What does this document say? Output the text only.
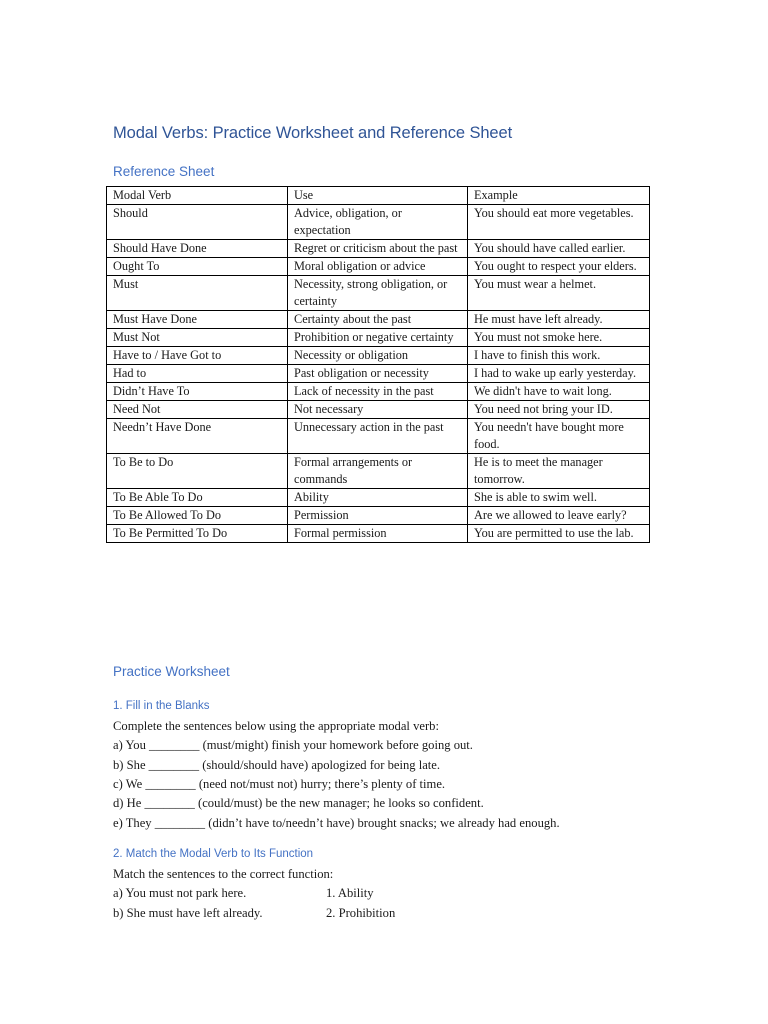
Modal Verbs: Practice Worksheet and Reference Sheet
Reference Sheet
Modal Verb	Use	Example
Should	Advice, obligation, or expectation	You should eat more vegetables.
Should Have Done	Regret or criticism about the past	You should have called earlier.
Ought To	Moral obligation or advice	You ought to respect your elders.
Must	Necessity, strong obligation, or certainty	You must wear a helmet.
Must Have Done	Certainty about the past	He must have left already.
Must Not	Prohibition or negative certainty	You must not smoke here.
Have to / Have Got to	Necessity or obligation	I have to finish this work.
Had to	Past obligation or necessity	I had to wake up early yesterday.
Didn’t Have To	Lack of necessity in the past	We didn't have to wait long.
Need Not	Not necessary	You need not bring your ID.
Needn’t Have Done	Unnecessary action in the past	You needn't have bought more food.
To Be to Do	Formal arrangements or commands	He is to meet the manager tomorrow.
To Be Able To Do	Ability	She is able to swim well.
To Be Allowed To Do	Permission	Are we allowed to leave early?
To Be Permitted To Do	Formal permission	You are permitted to use the lab.
Practice Worksheet
1. Fill in the Blanks
Complete the sentences below using the appropriate modal verb:
a) You ________ (must/might) finish your homework before going out.
b) She ________ (should/should have) apologized for being late.
c) We ________ (need not/must not) hurry; there’s plenty of time.
d) He ________ (could/must) be the new manager; he looks so confident.
e) They ________ (didn’t have to/needn’t have) brought snacks; we already had enough.
2. Match the Modal Verb to Its Function
Match the sentences to the correct function:
a) You must not park here.	1. Ability
b) She must have left already.	2. Prohibition
